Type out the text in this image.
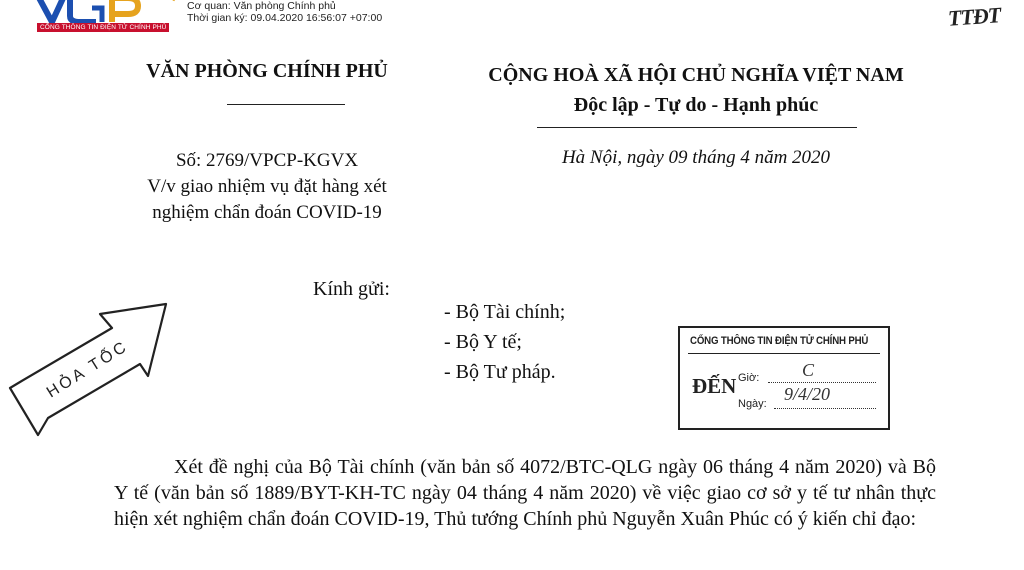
CỔNG THÔNG TIN ĐIỆN TỬ CHÍNH PHỦ
Cơ quan: Văn phòng Chính phủ
Thời gian ký: 09.04.2020 16:56:07 +07:00	TTĐT
VĂN PHÒNG CHÍNH PHỦ	CỘNG HOÀ XÃ HỘI CHỦ NGHĨA VIỆT NAM
Độc lập - Tự do - Hạnh phúc
Số: 2769/VPCP-KGVX
V/v giao nhiệm vụ đặt hàng xét
nghiệm chẩn đoán COVID-19
Hà Nội, ngày 09 tháng 4 năm 2020
HỎA TỐC
Kính gửi:
- Bộ Tài chính;
- Bộ Y tế;
- Bộ Tư pháp.
CỔNG THÔNG TIN ĐIỆN TỬ CHÍNH PHỦ
ĐẾN Giờ: C
Ngày: 9/4/20
Xét đề nghị của Bộ Tài chính (văn bản số 4072/BTC-QLG ngày 06 tháng 4 năm 2020) và Bộ Y tế (văn bản số 1889/BYT-KH-TC ngày 04 tháng 4 năm 2020) về việc giao cơ sở y tế tư nhân thực hiện xét nghiệm chẩn đoán COVID-19, Thủ tướng Chính phủ Nguyễn Xuân Phúc có ý kiến chỉ đạo:
